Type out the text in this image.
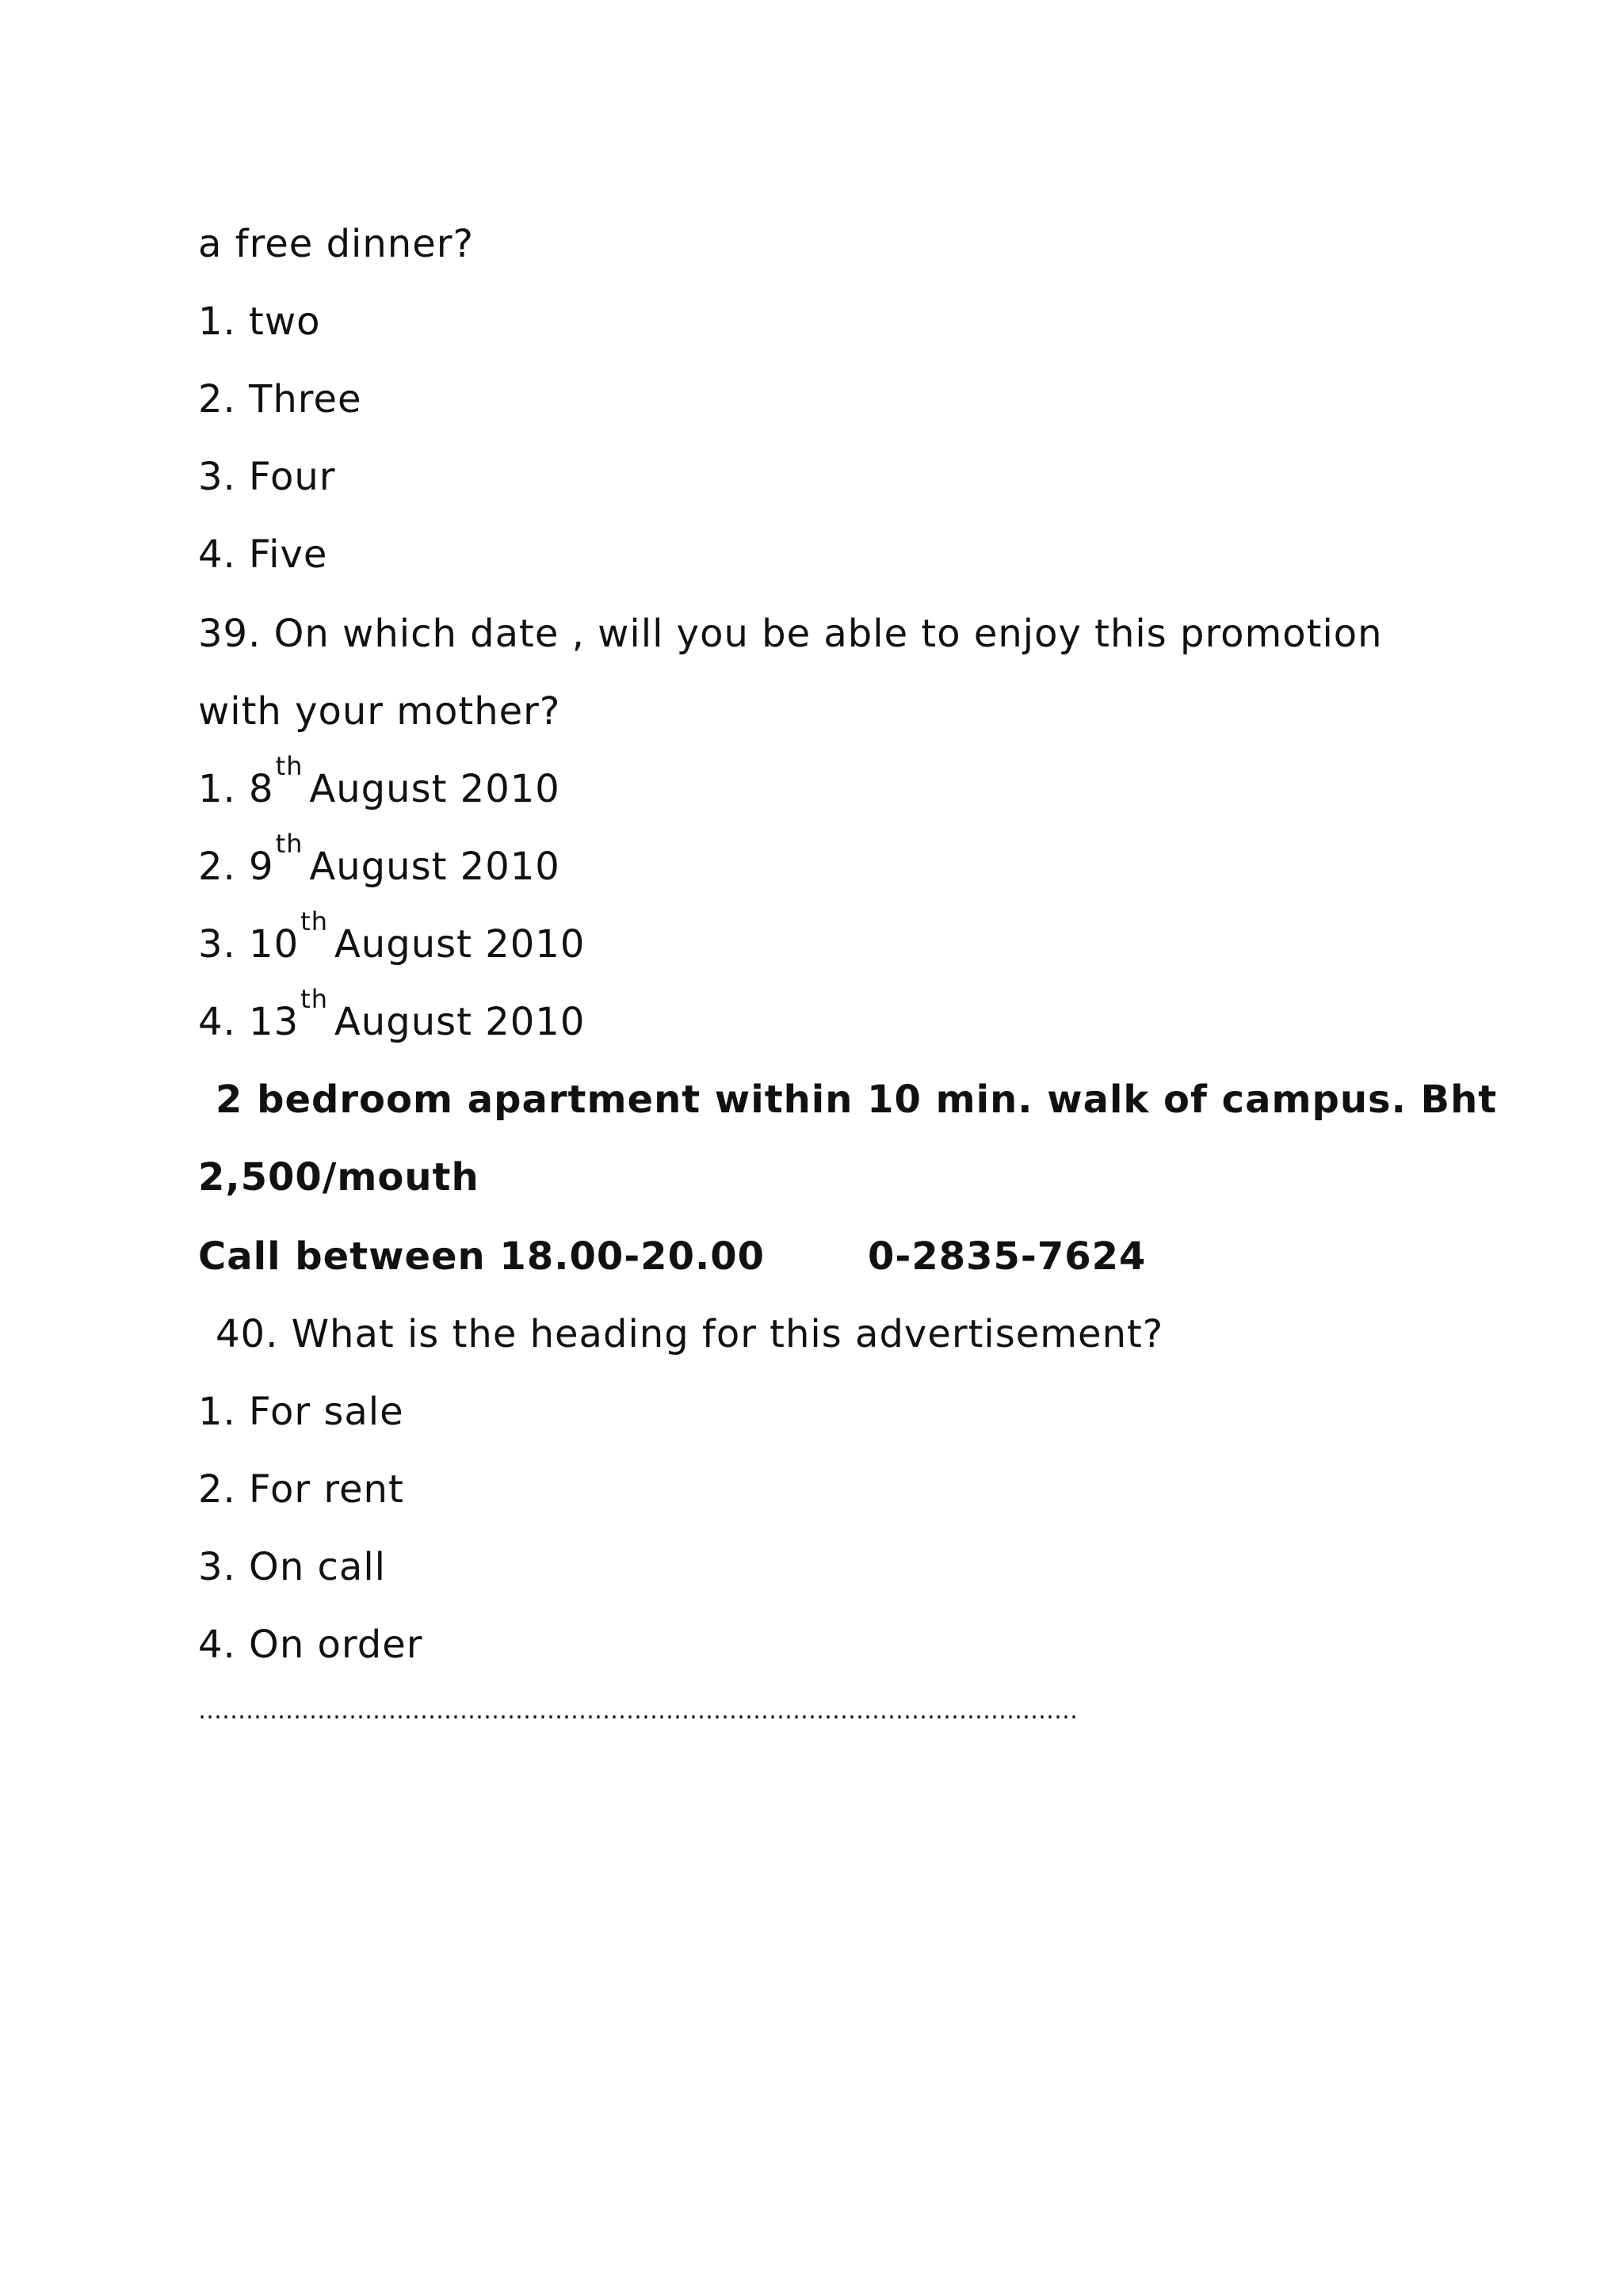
a free dinner?
1. two
2. Three
3. Four
4. Five
39. On which date , will you be able to enjoy this promotion
with your mother?
1. 8thAugust 2010
2. 9thAugust 2010
3. 10thAugust 2010
4. 13thAugust 2010
2 bedroom apartment within 10 min. walk of campus. Bht
2,500/mouth
Call between 18.00-20.00	0-2835-7624
40. What is the heading for this advertisement?
1. For sale
2. For rent
3. On call
4. On order
…………………………………………………………………………………………………
